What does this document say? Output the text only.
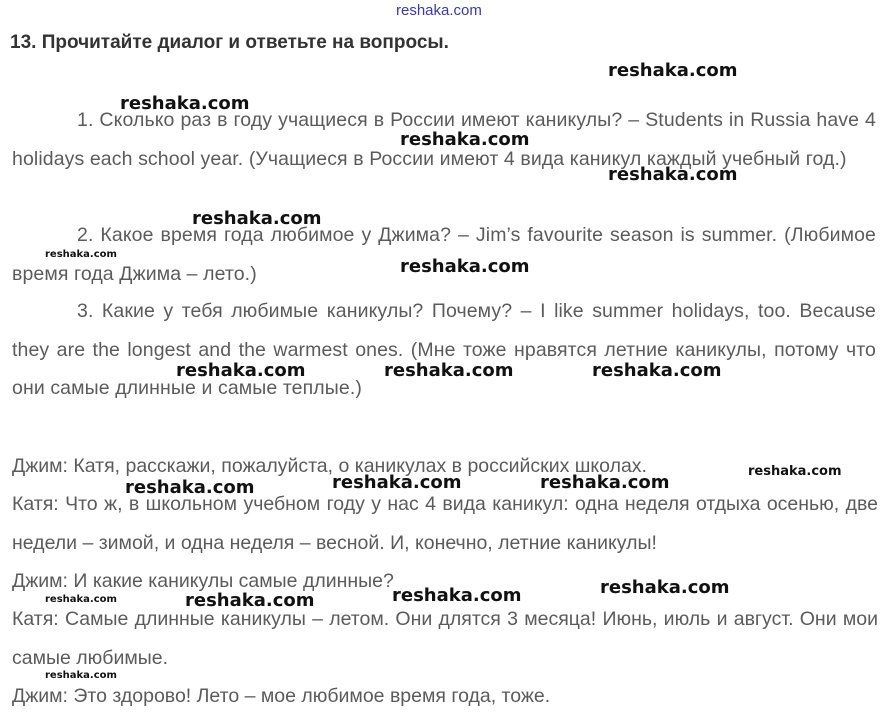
13. Прочитайте диалог и ответьте на вопросы.
1. Сколько раз в году учащиеся в России имеют каникулы? – Students in Russia have 4 holidays each school year. (Учащиеся в России имеют 4 вида каникул каждый учебный год.)
2. Какое время года любимое у Джима? – Jim’s favourite season is summer. (Любимое время года Джима – лето.)
3. Какие у тебя любимые каникулы? Почему? – I like summer holidays, too. Because they are the longest and the warmest ones. (Мне тоже нравятся летние каникулы, потому что они самые длинные и самые теплые.)
Джим: Катя, расскажи, пожалуйста, о каникулах в российских школах.
Катя: Что ж, в школьном учебном году у нас 4 вида каникул: одна неделя отдыха осенью, две недели – зимой, и одна неделя – весной. И, конечно, летние каникулы!
Джим: И какие каникулы самые длинные?
Катя: Самые длинные каникулы – летом. Они длятся 3 месяца! Июнь, июль и август. Они мои самые любимые.
Джим: Это здорово! Лето – мое любимое время года, тоже.
reshaka.com
reshaka.com
reshaka.com
reshaka.com
reshaka.com
reshaka.com
reshaka.com
reshaka.com
reshaka.com	reshaka.com	reshaka.com
reshaka.com
reshaka.com	reshaka.com
reshaka.com
reshaka.com
reshaka.com
reshaka.com	reshaka.com
reshaka.com
